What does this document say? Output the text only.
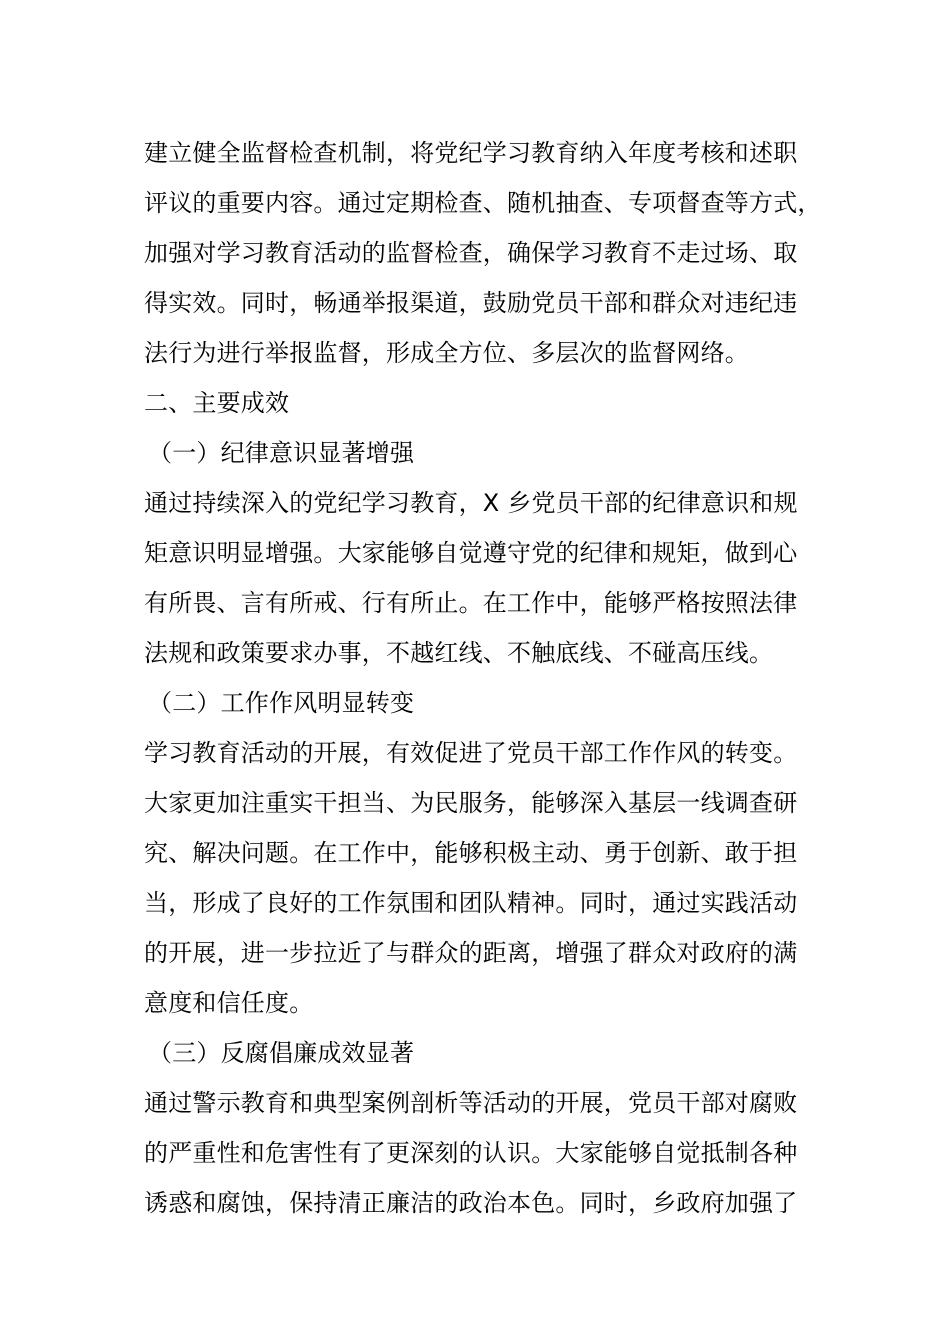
建立健全监督检查机制，将党纪学习教育纳入年度考核和述职
评议的重要内容。通过定期检查、随机抽查、专项督查等方式，
加强对学习教育活动的监督检查，确保学习教育不走过场、取
得实效。同时，畅通举报渠道，鼓励党员干部和群众对违纪违
法行为进行举报监督，形成全方位、多层次的监督网络。
二、主要成效
（一）纪律意识显著增强
通过持续深入的党纪学习教育，X 乡党员干部的纪律意识和规
矩意识明显增强。大家能够自觉遵守党的纪律和规矩，做到心
有所畏、言有所戒、行有所止。在工作中，能够严格按照法律
法规和政策要求办事，不越红线、不触底线、不碰高压线。
（二）工作作风明显转变
学习教育活动的开展，有效促进了党员干部工作作风的转变。
大家更加注重实干担当、为民服务，能够深入基层一线调查研
究、解决问题。在工作中，能够积极主动、勇于创新、敢于担
当，形成了良好的工作氛围和团队精神。同时，通过实践活动
的开展，进一步拉近了与群众的距离，增强了群众对政府的满
意度和信任度。
（三）反腐倡廉成效显著
通过警示教育和典型案例剖析等活动的开展，党员干部对腐败
的严重性和危害性有了更深刻的认识。大家能够自觉抵制各种
诱惑和腐蚀，保持清正廉洁的政治本色。同时，乡政府加强了
